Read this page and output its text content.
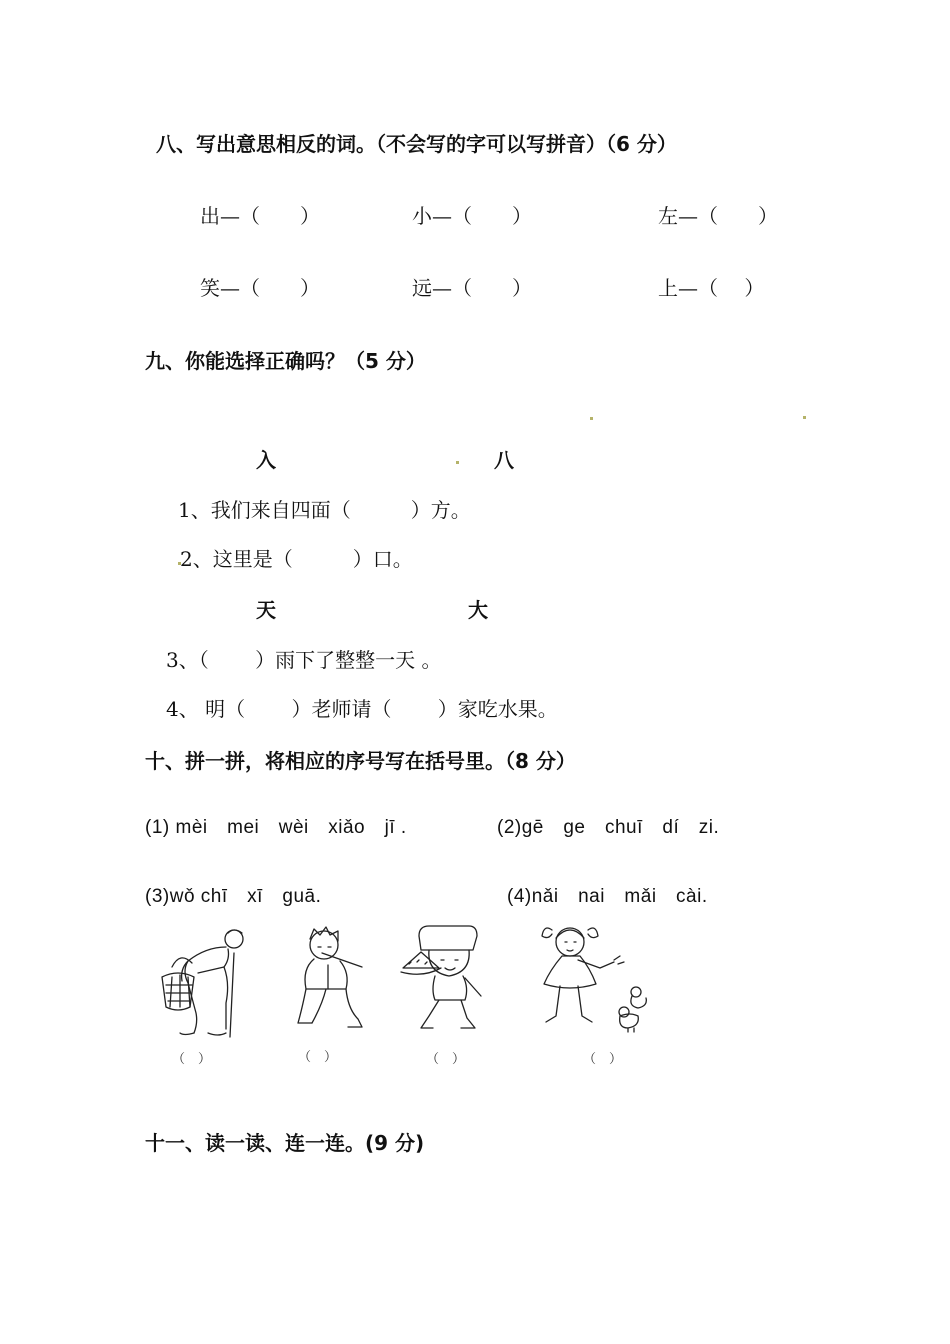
八、写出意思相反的词。（不会写的字可以写拼音）（6 分）
出—（　　）	小—（　　）	左—（　　）
笑—（　　）	远—（　　）	上—（　 ）
九、你能选择正确吗？（5 分）
入	八
1、我们来自四面（　　　）方。
2、这里是（　　　）口。
天	大
3、（　　 ）雨下了整整一天 。
4、 明（　　 ）老师请（　　 ）家吃水果。
十、拼一拼，将相应的序号写在括号里。（8 分）
(1) mèi　mei　wèi　xiǎo　jī .	(2)gē　ge　chuī　dí　zi.
(3)wǒ chī　xī　guā.	(4)nǎi　nai　mǎi　cài.
（　）	（　）	（　）	（　）
十一、读一读、连一连。(9 分)
